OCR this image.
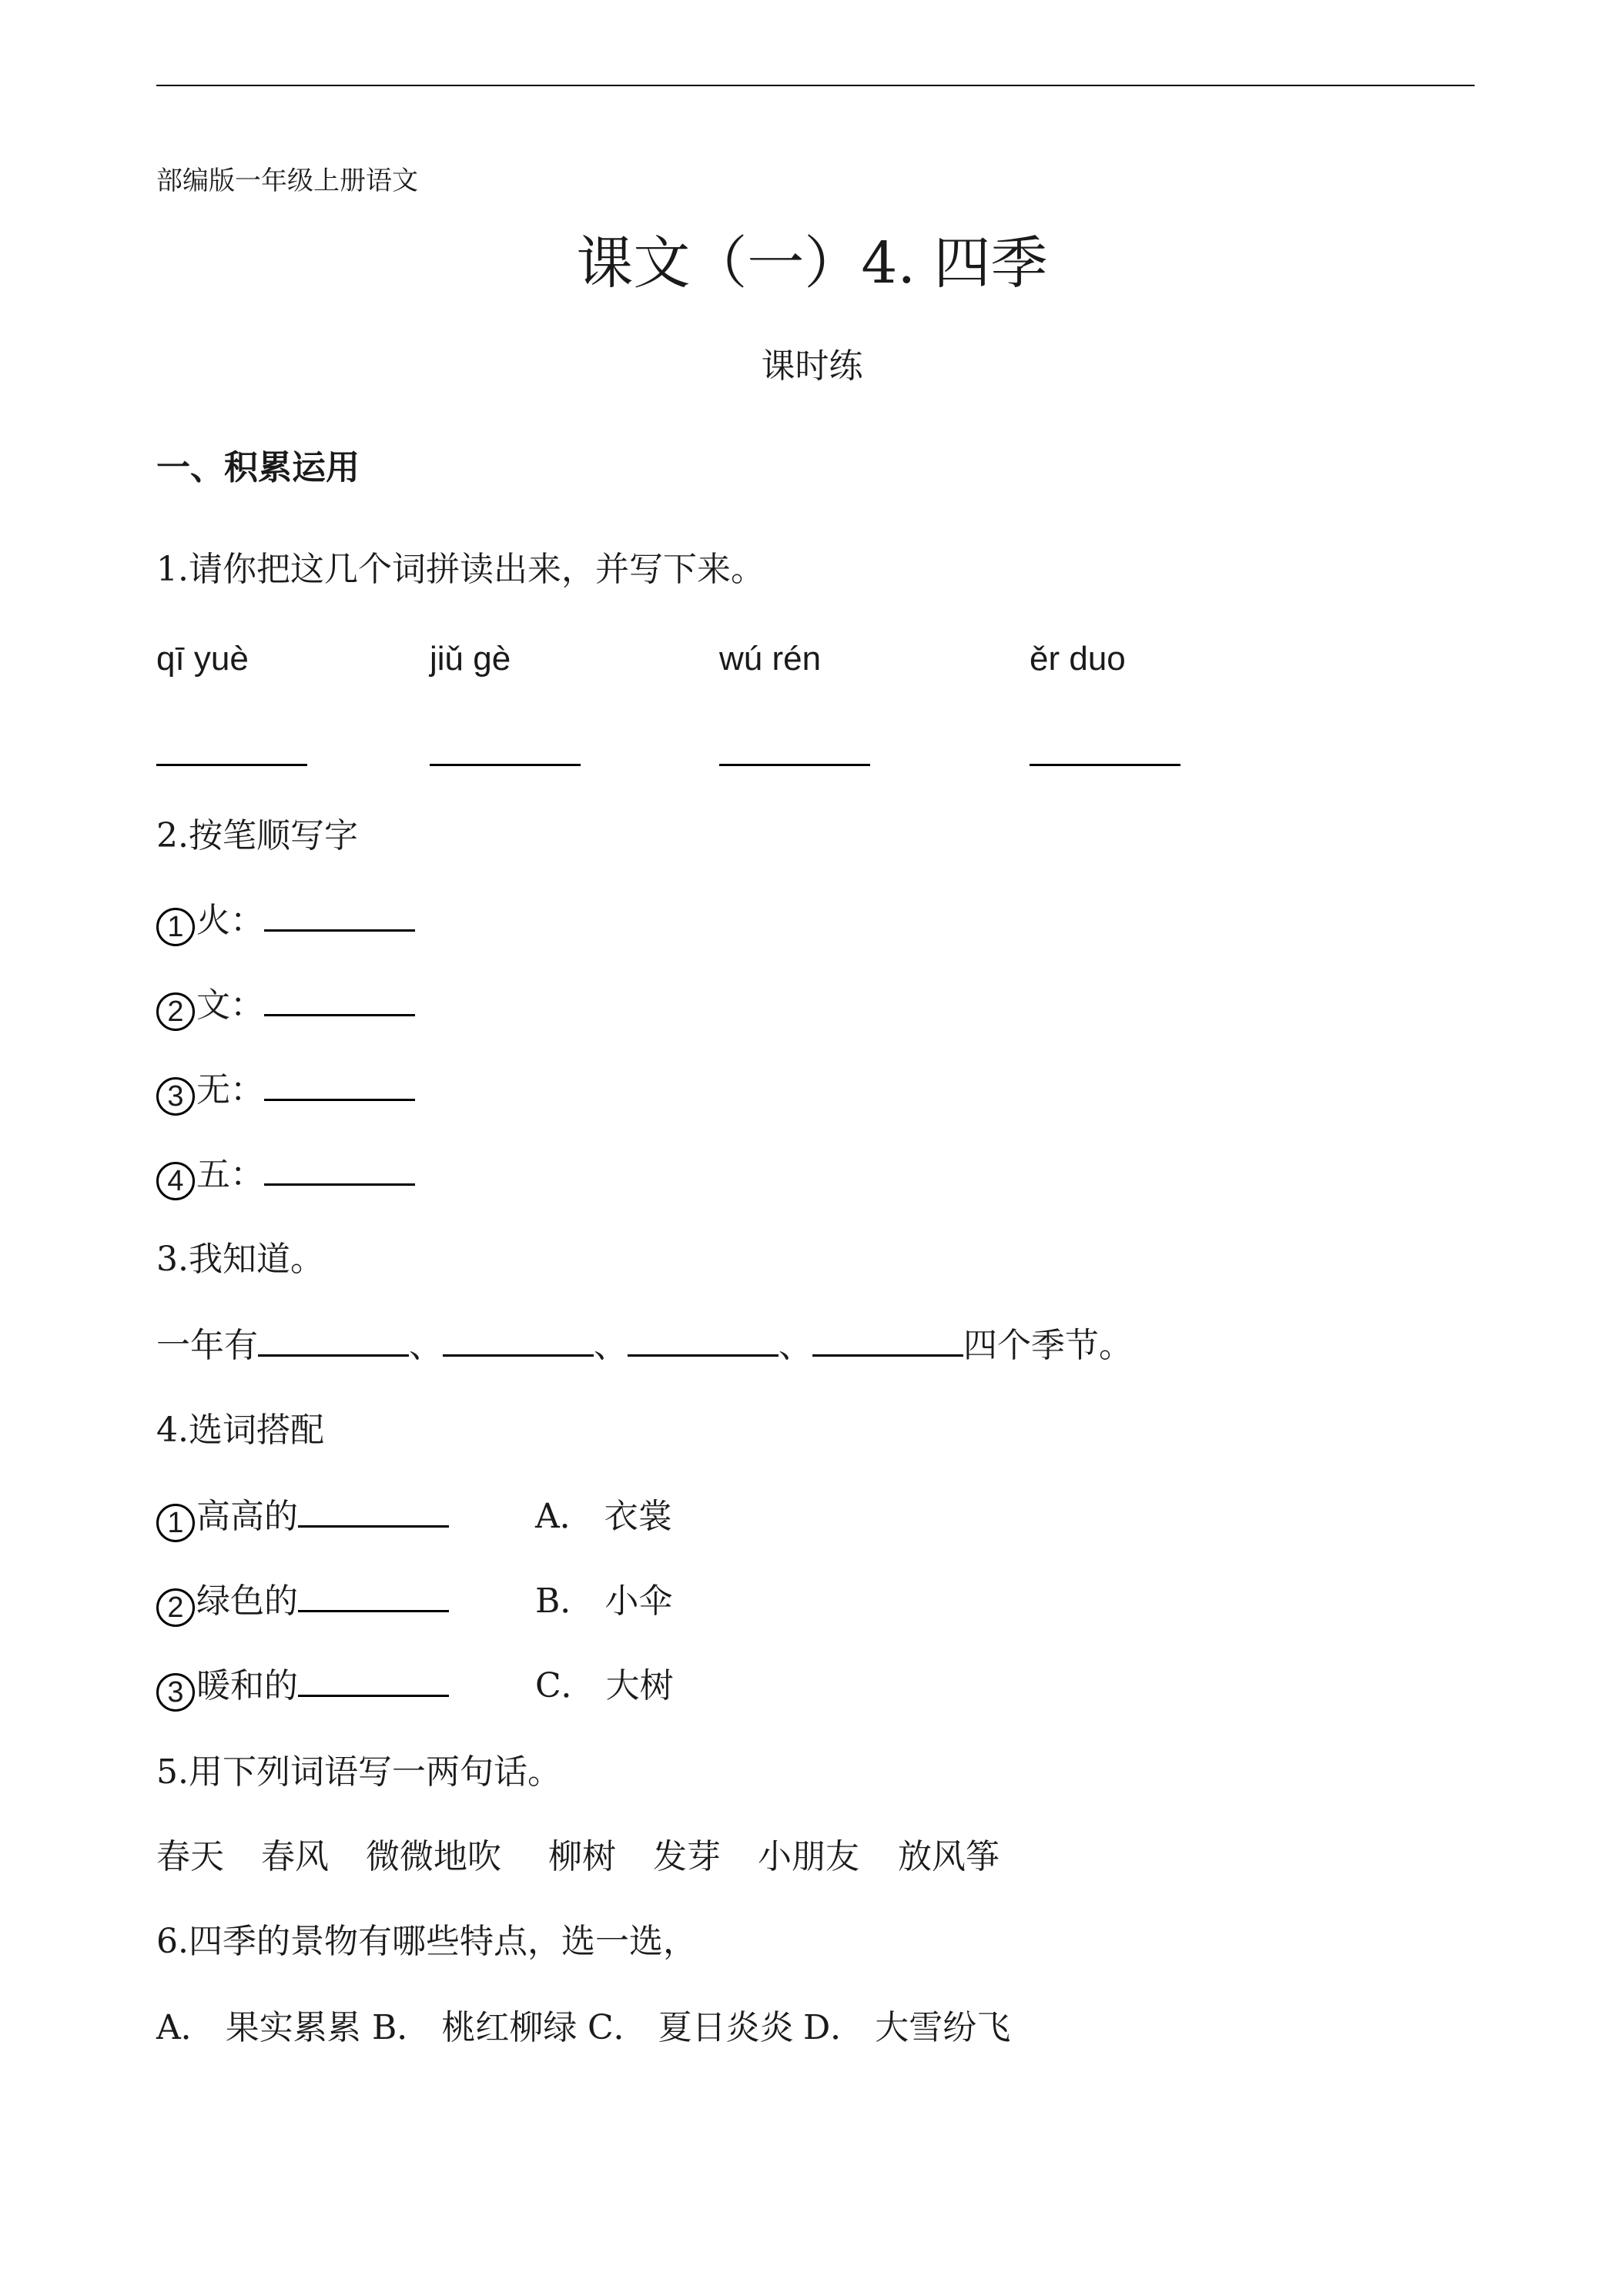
部编版一年级上册语文
课文（一）4. 四季
课时练
一、积累运用
1.请你把这几个词拼读出来，并写下来。
qī yuè	jiǔ gè	wú rén	ěr duo
2.按笔顺写字
1 火：
2 文：
3 无：
4 五：
3.我知道。
一年有	、	、	、	四个季节。
4.选词搭配
1 高高的	A． 衣裳
2 绿色的	B． 小伞
3 暖和的	C． 大树
5.用下列词语写一两句话。
春天 春风 微微地吹 柳树 发芽 小朋友 放风筝
6.四季的景物有哪些特点，选一选，
A． 果实累累 B． 桃红柳绿 C． 夏日炎炎 D． 大雪纷飞
